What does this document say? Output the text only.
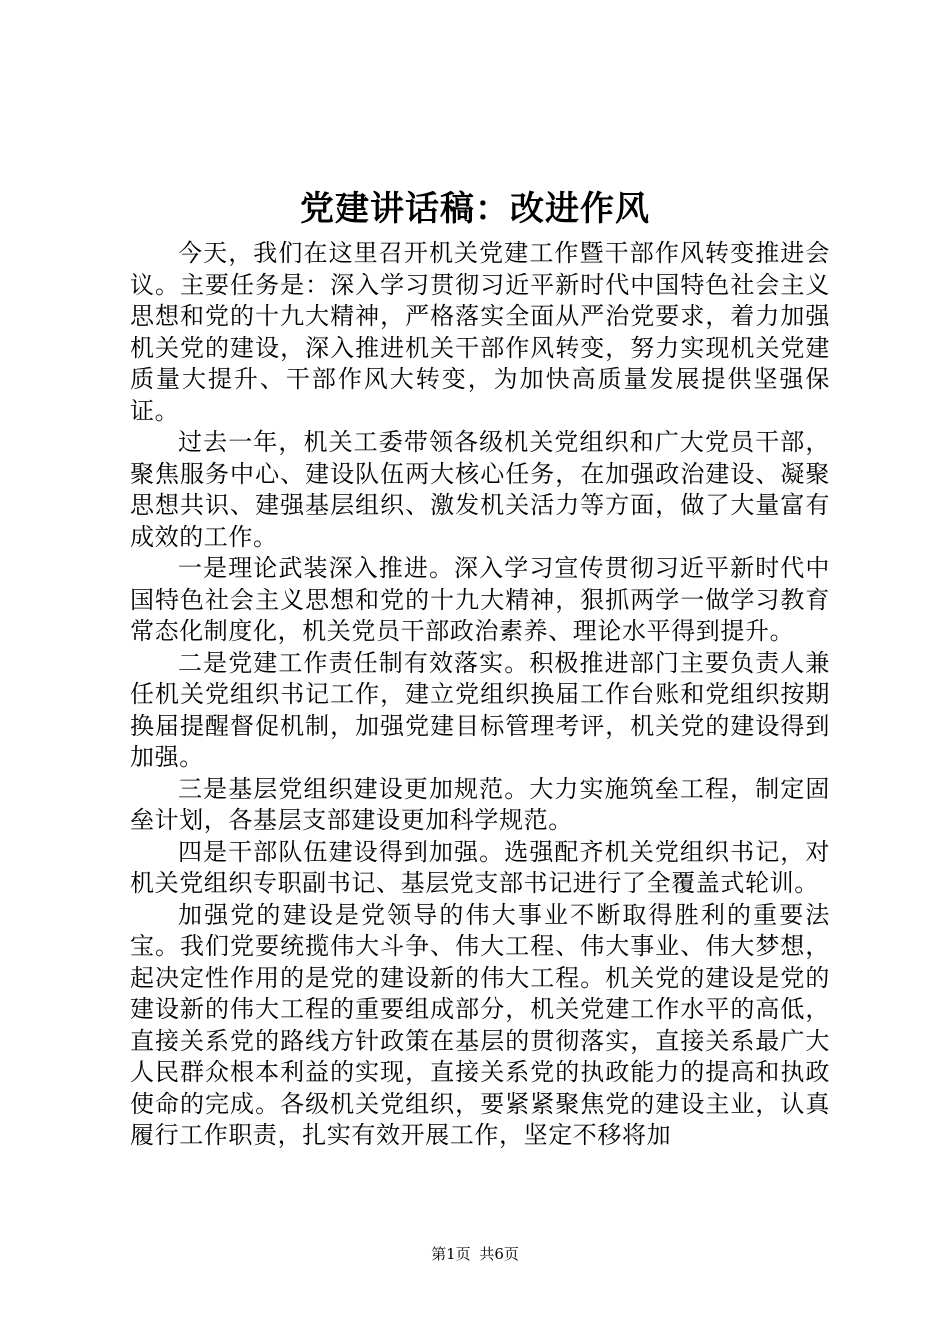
党建讲话稿：改进作风

今天，我们在这里召开机关党建工作暨干部作风转变推进会议。主要任务是：深入学习贯彻习近平新时代中国特色社会主义思想和党的十九大精神，严格落实全面从严治党要求，着力加强机关党的建设，深入推进机关干部作风转变，努力实现机关党建质量大提升、干部作风大转变，为加快高质量发展提供坚强保证。

过去一年，机关工委带领各级机关党组织和广大党员干部，聚焦服务中心、建设队伍两大核心任务，在加强政治建设、凝聚思想共识、建强基层组织、激发机关活力等方面，做了大量富有成效的工作。

一是理论武装深入推进。深入学习宣传贯彻习近平新时代中国特色社会主义思想和党的十九大精神，狠抓两学一做学习教育常态化制度化，机关党员干部政治素养、理论水平得到提升。

二是党建工作责任制有效落实。积极推进部门主要负责人兼任机关党组织书记工作，建立党组织换届工作台账和党组织按期换届提醒督促机制，加强党建目标管理考评，机关党的建设得到加强。

三是基层党组织建设更加规范。大力实施筑垒工程，制定固垒计划，各基层支部建设更加科学规范。

四是干部队伍建设得到加强。选强配齐机关党组织书记，对机关党组织专职副书记、基层党支部书记进行了全覆盖式轮训。

加强党的建设是党领导的伟大事业不断取得胜利的重要法宝。我们党要统揽伟大斗争、伟大工程、伟大事业、伟大梦想，起决定性作用的是党的建设新的伟大工程。机关党的建设是党的建设新的伟大工程的重要组成部分，机关党建工作水平的高低，直接关系党的路线方针政策在基层的贯彻落实，直接关系最广大人民群众根本利益的实现，直接关系党的执政能力的提高和执政使命的完成。各级机关党组织，要紧紧聚焦党的建设主业，认真履行工作职责，扎实有效开展工作，坚定不移将加

第1页 共6页
